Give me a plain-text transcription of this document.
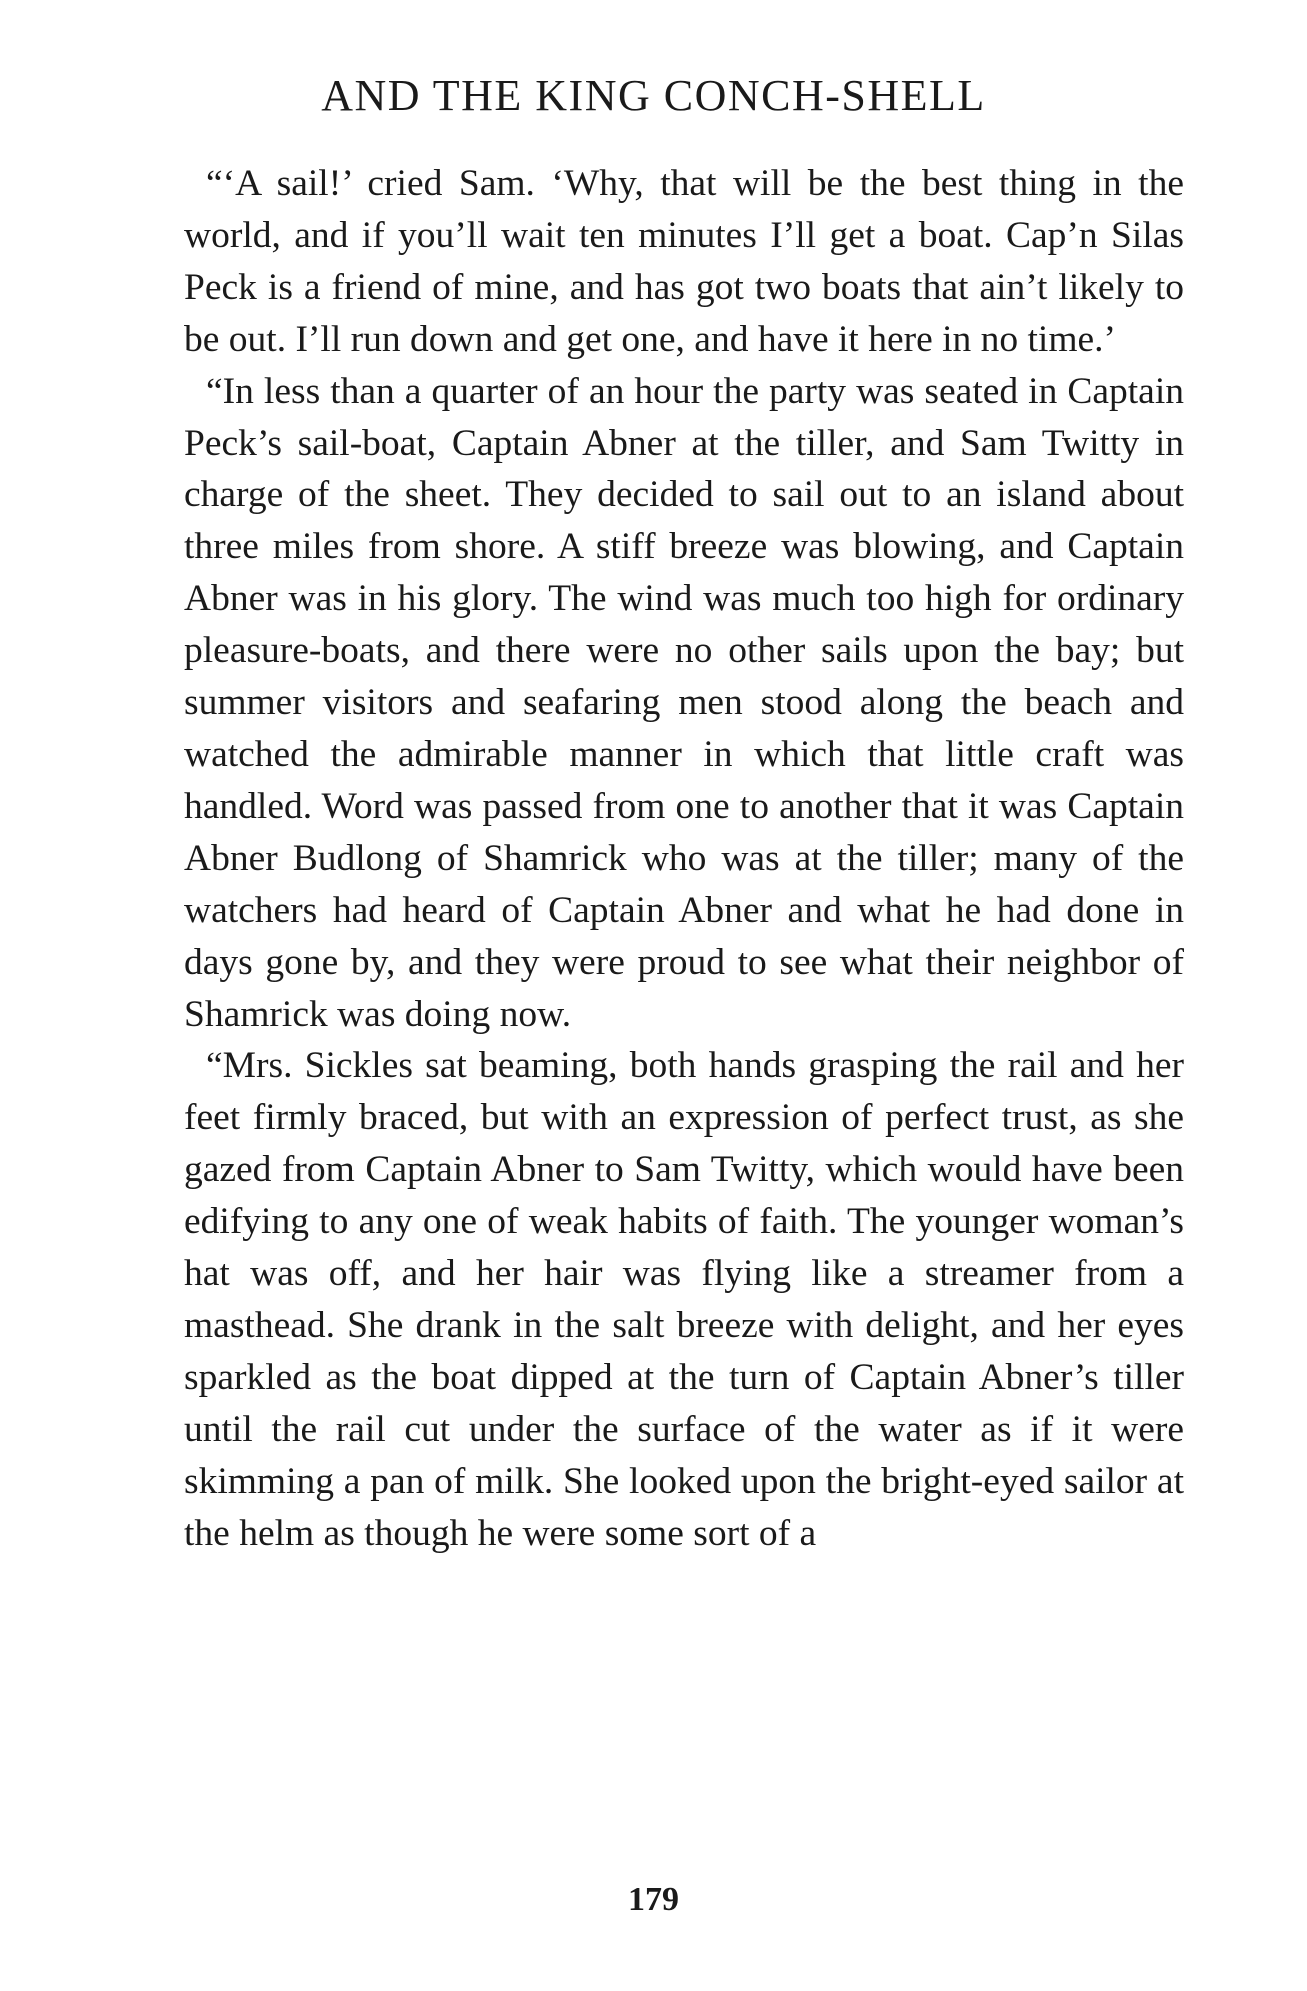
AND THE KING CONCH-SHELL

“‘A sail!’ cried Sam. ‘Why, that will be the best thing in the world, and if you’ll wait ten minutes I’ll get a boat. Cap’n Silas Peck is a friend of mine, and has got two boats that ain’t likely to be out. I’ll run down and get one, and have it here in no time.’

“In less than a quarter of an hour the party was seated in Captain Peck’s sail-boat, Captain Abner at the tiller, and Sam Twitty in charge of the sheet. They decided to sail out to an island about three miles from shore. A stiff breeze was blowing, and Captain Abner was in his glory. The wind was much too high for ordinary pleasure-boats, and there were no other sails upon the bay; but summer visitors and seafaring men stood along the beach and watched the admirable manner in which that little craft was handled. Word was passed from one to another that it was Captain Abner Budlong of Shamrick who was at the tiller; many of the watchers had heard of Captain Abner and what he had done in days gone by, and they were proud to see what their neighbor of Shamrick was doing now.

“Mrs. Sickles sat beaming, both hands grasping the rail and her feet firmly braced, but with an expression of perfect trust, as she gazed from Captain Abner to Sam Twitty, which would have been edifying to any one of weak habits of faith. The younger woman’s hat was off, and her hair was flying like a streamer from a masthead. She drank in the salt breeze with delight, and her eyes sparkled as the boat dipped at the turn of Captain Abner’s tiller until the rail cut under the surface of the water as if it were skimming a pan of milk. She looked upon the bright-eyed sailor at the helm as though he were some sort of a

179
